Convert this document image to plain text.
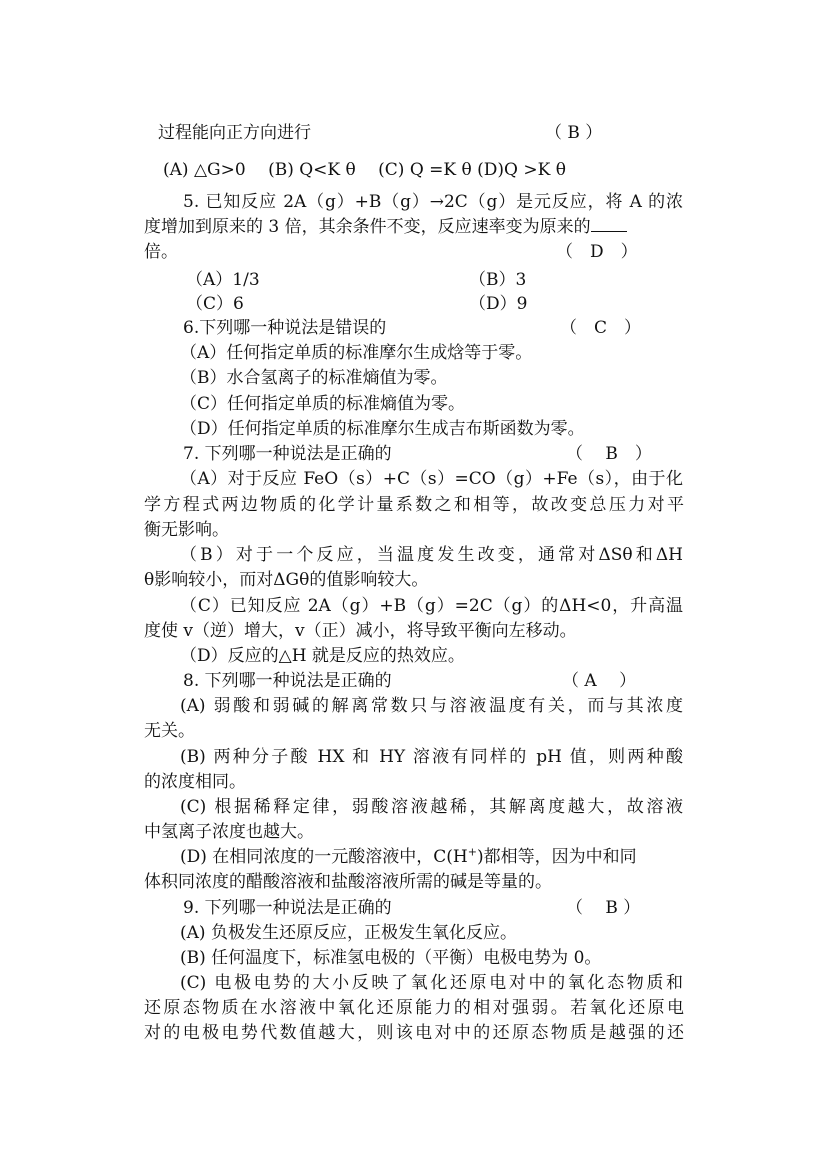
过程能向正方向进行	（ B ）
(A) △G>0　 (B) Q<K θ　 (C) Q =K θ (D)Q >K θ
5. 已知反应 2A（g）+B（g）→2C（g）是元反应，将 A 的浓
度增加到原来的 3 倍，其余条件不变，反应速率变为原来的
倍。	（　D　）
（A）1/3	（B）3
（C）6	（D）9
6.下列哪一种说法是错误的	（　C　）
（A）任何指定单质的标准摩尔生成焓等于零。
（B）水合氢离子的标准熵值为零。
（C）任何指定单质的标准熵值为零。
（D）任何指定单质的标准摩尔生成吉布斯函数为零。
7. 下列哪一种说法是正确的	（　 B　）
（A）对于反应 FeO（s）+C（s）=CO（g）+Fe（s），由于化
学方程式两边物质的化学计量系数之和相等，故改变总压力对平
衡无影响。
（B）对于一个反应，当温度发生改变，通常对ΔSθ和ΔH
θ影响较小，而对ΔGθ的值影响较大。
（C）已知反应 2A（g）+B（g）=2C（g）的ΔH<0，升高温
度使 v（逆）增大，v（正）减小，将导致平衡向左移动。
（D）反应的△H 就是反应的热效应。
8. 下列哪一种说法是正确的	（ A　 ）
(A) 弱酸和弱碱的解离常数只与溶液温度有关，而与其浓度
无关。
(B) 两种分子酸 HX 和 HY 溶液有同样的 pH 值，则两种酸
的浓度相同。
(C) 根据稀释定律，弱酸溶液越稀，其解离度越大，故溶液
中氢离子浓度也越大。
(D) 在相同浓度的一元酸溶液中，C(H+)都相等，因为中和同
体积同浓度的醋酸溶液和盐酸溶液所需的碱是等量的。
9. 下列哪一种说法是正确的	（　 B ）
(A) 负极发生还原反应，正极发生氧化反应。
(B) 任何温度下，标准氢电极的（平衡）电极电势为 0。
(C) 电极电势的大小反映了氧化还原电对中的氧化态物质和
还原态物质在水溶液中氧化还原能力的相对强弱。若氧化还原电
对的电极电势代数值越大，则该电对中的还原态物质是越强的还
